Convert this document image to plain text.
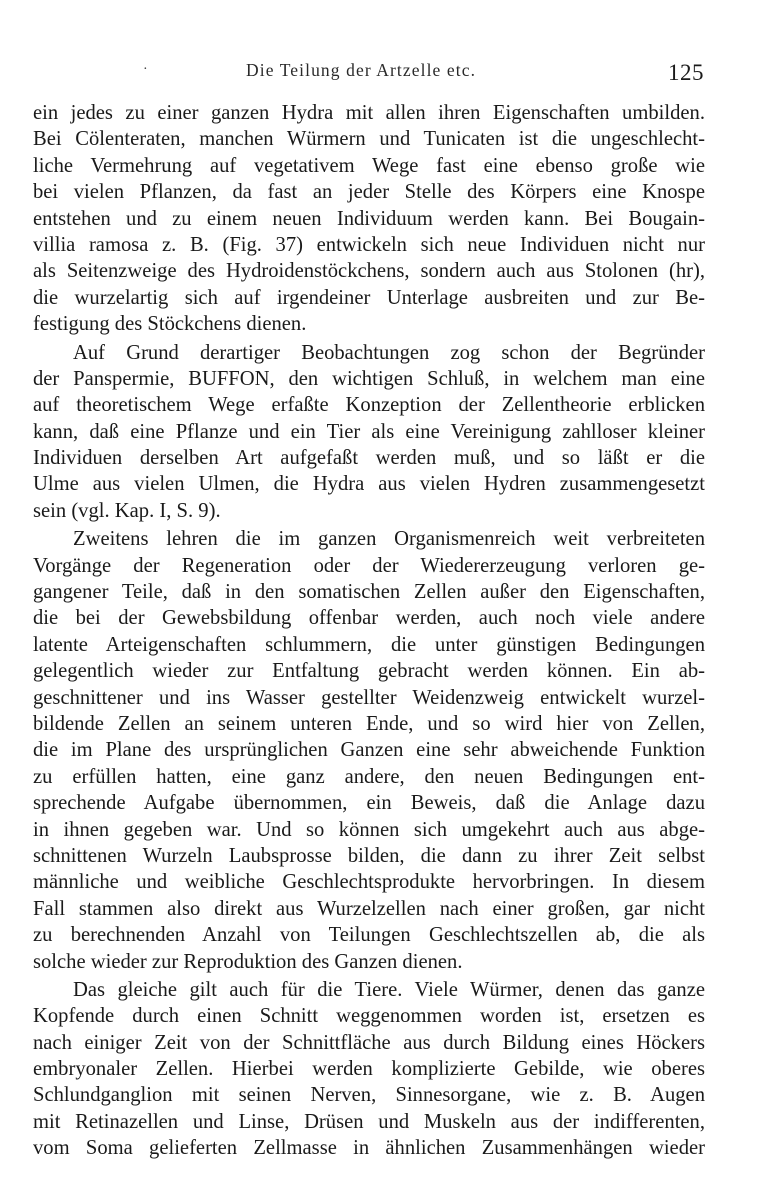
·	Die Teilung der Artzelle etc.	125
ein jedes zu einer ganzen Hydra mit allen ihren Eigenschaften umbilden.
Bei Cölenteraten, manchen Würmern und Tunicaten ist die ungeschlecht-
liche Vermehrung auf vegetativem Wege fast eine ebenso große wie
bei vielen Pflanzen, da fast an jeder Stelle des Körpers eine Knospe
entstehen und zu einem neuen Individuum werden kann. Bei Bougain-
villia ramosa z. B. (Fig. 37) entwickeln sich neue Individuen nicht nur
als Seitenzweige des Hydroidenstöckchens, sondern auch aus Stolonen (hr),
die wurzelartig sich auf irgendeiner Unterlage ausbreiten und zur Be-
festigung des Stöckchens dienen.
Auf Grund derartiger Beobachtungen zog schon der Begründer
der Panspermie, BUFFON, den wichtigen Schluß, in welchem man eine
auf theoretischem Wege erfaßte Konzeption der Zellentheorie erblicken
kann, daß eine Pflanze und ein Tier als eine Vereinigung zahlloser kleiner
Individuen derselben Art aufgefaßt werden muß, und so läßt er die
Ulme aus vielen Ulmen, die Hydra aus vielen Hydren zusammengesetzt
sein (vgl. Kap. I, S. 9).
Zweitens lehren die im ganzen Organismenreich weit verbreiteten
Vorgänge der Regeneration oder der Wiedererzeugung verloren ge-
gangener Teile, daß in den somatischen Zellen außer den Eigenschaften,
die bei der Gewebsbildung offenbar werden, auch noch viele andere
latente Arteigenschaften schlummern, die unter günstigen Bedingungen
gelegentlich wieder zur Entfaltung gebracht werden können. Ein ab-
geschnittener und ins Wasser gestellter Weidenzweig entwickelt wurzel-
bildende Zellen an seinem unteren Ende, und so wird hier von Zellen,
die im Plane des ursprünglichen Ganzen eine sehr abweichende Funktion
zu erfüllen hatten, eine ganz andere, den neuen Bedingungen ent-
sprechende Aufgabe übernommen, ein Beweis, daß die Anlage dazu
in ihnen gegeben war. Und so können sich umgekehrt auch aus abge-
schnittenen Wurzeln Laubsprosse bilden, die dann zu ihrer Zeit selbst
männliche und weibliche Geschlechtsprodukte hervorbringen. In diesem
Fall stammen also direkt aus Wurzelzellen nach einer großen, gar nicht
zu berechnenden Anzahl von Teilungen Geschlechtszellen ab, die als
solche wieder zur Reproduktion des Ganzen dienen.
Das gleiche gilt auch für die Tiere. Viele Würmer, denen das ganze
Kopfende durch einen Schnitt weggenommen worden ist, ersetzen es
nach einiger Zeit von der Schnittfläche aus durch Bildung eines Höckers
embryonaler Zellen. Hierbei werden komplizierte Gebilde, wie oberes
Schlundganglion mit seinen Nerven, Sinnesorgane, wie z. B. Augen
mit Retinazellen und Linse, Drüsen und Muskeln aus der indifferenten,
vom Soma gelieferten Zellmasse in ähnlichen Zusammenhängen wieder
